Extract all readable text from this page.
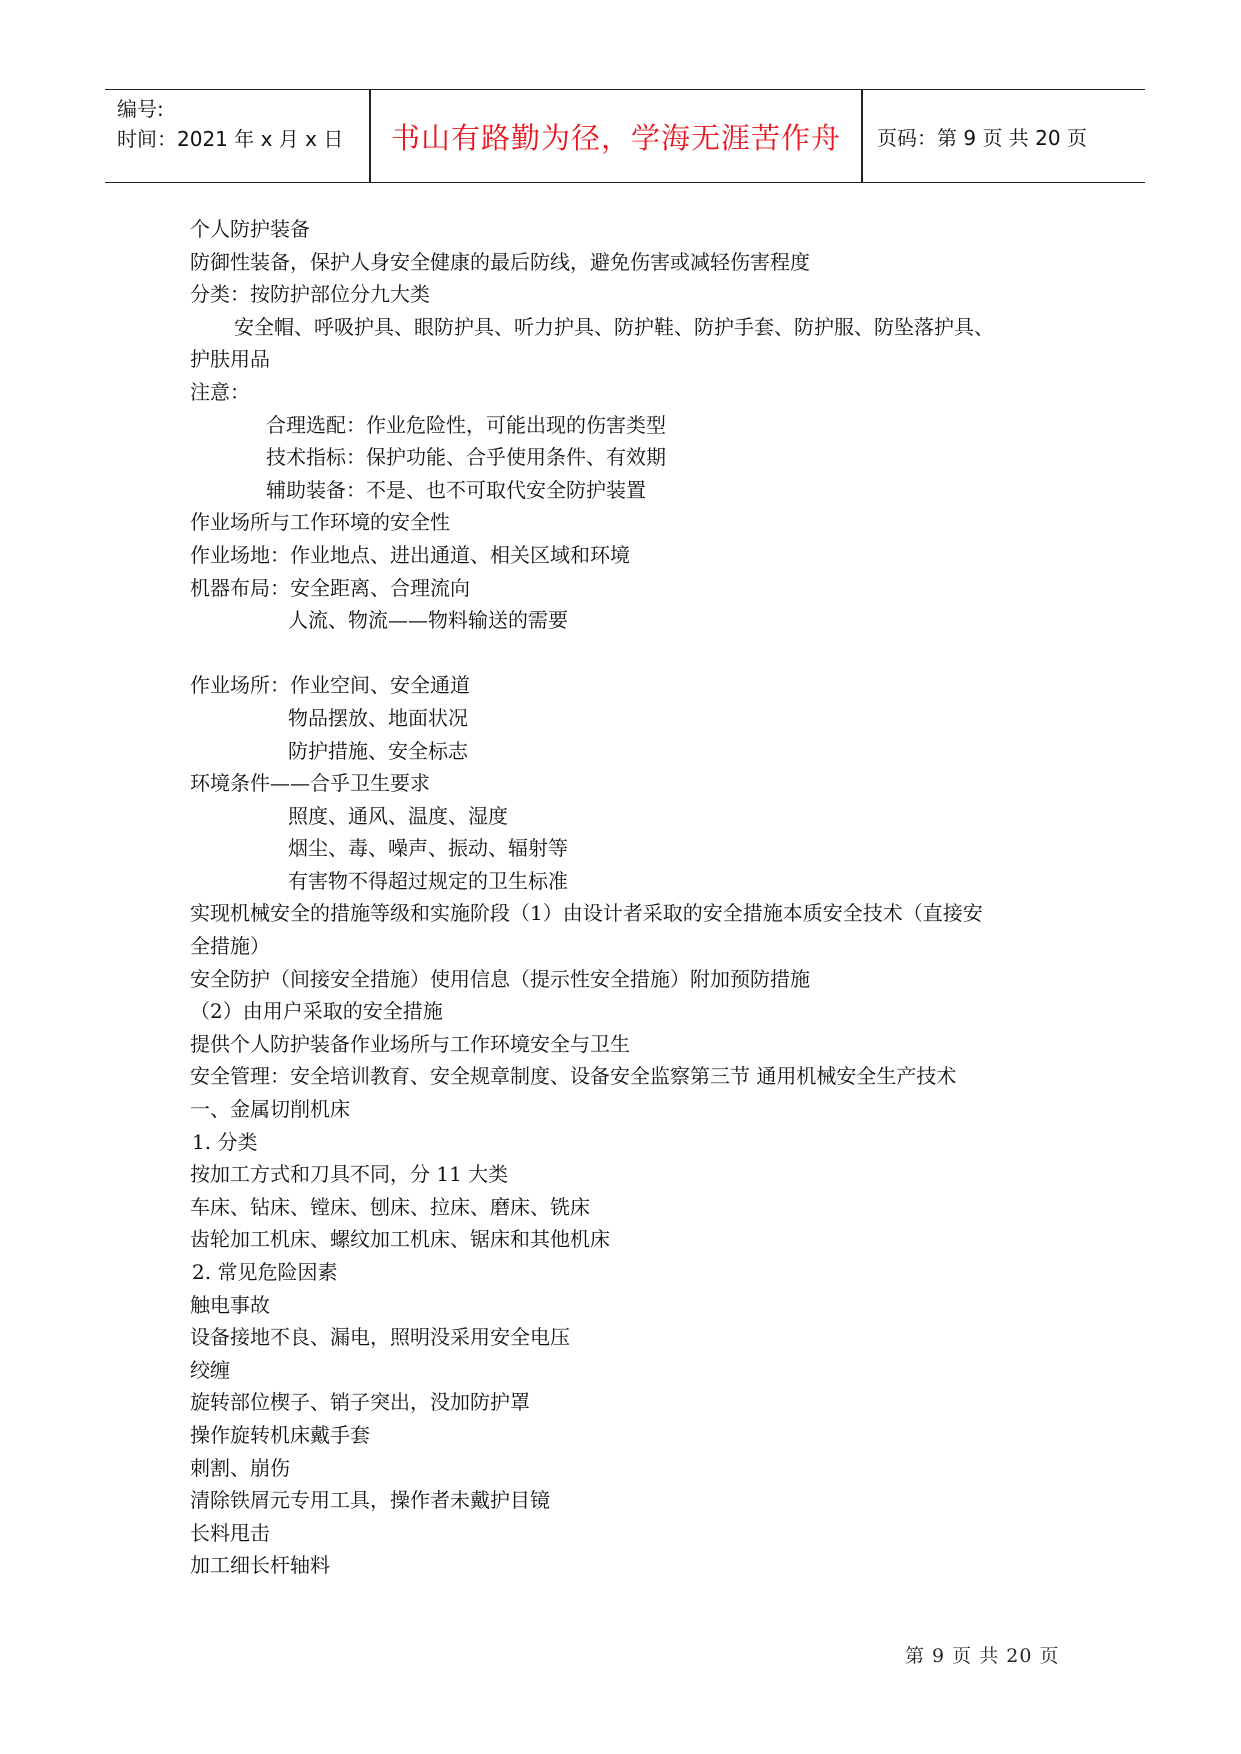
编号:
时间：2021 年 x 月 x 日	书山有路勤为径，学海无涯苦作舟	页码：第 9 页 共 20 页
个人防护装备
防御性装备，保护人身安全健康的最后防线，避免伤害或减轻伤害程度
分类：按防护部位分九大类
安全帽、呼吸护具、眼防护具、听力护具、防护鞋、防护手套、防护服、防坠落护具、
护肤用品
注意：
合理选配：作业危险性，可能出现的伤害类型
技术指标：保护功能、合乎使用条件、有效期
辅助装备：不是、也不可取代安全防护装置
作业场所与工作环境的安全性
作业场地：作业地点、进出通道、相关区域和环境
机器布局：安全距离、合理流向
人流、物流——物料输送的需要
作业场所：作业空间、安全通道
物品摆放、地面状况
防护措施、安全标志
环境条件——合乎卫生要求
照度、通风、温度、湿度
烟尘、毒、噪声、振动、辐射等
有害物不得超过规定的卫生标准
实现机械安全的措施等级和实施阶段（1）由设计者采取的安全措施本质安全技术（直接安
全措施）
安全防护（间接安全措施）使用信息（提示性安全措施）附加预防措施
（2）由用户采取的安全措施
提供个人防护装备作业场所与工作环境安全与卫生
安全管理：安全培训教育、安全规章制度、设备安全监察第三节 通用机械安全生产技术
一、金属切削机床
1. 分类
按加工方式和刀具不同，分 11 大类
车床、钻床、镗床、刨床、拉床、磨床、铣床
齿轮加工机床、螺纹加工机床、锯床和其他机床
2. 常见危险因素
触电事故
设备接地不良、漏电，照明没采用安全电压
绞缠
旋转部位楔子、销子突出，没加防护罩
操作旋转机床戴手套
刺割、崩伤
清除铁屑元专用工具，操作者未戴护目镜
长料甩击
加工细长杆轴料
第 9 页 共 20 页
